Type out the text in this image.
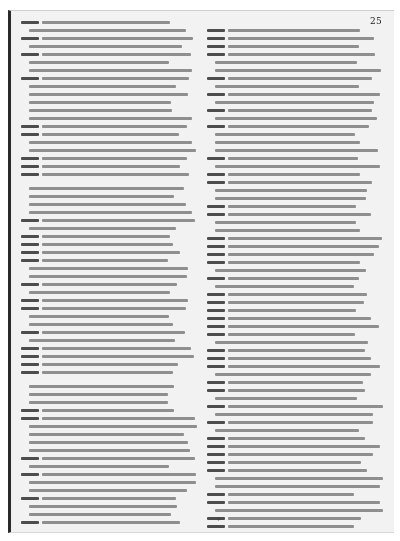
25
*
